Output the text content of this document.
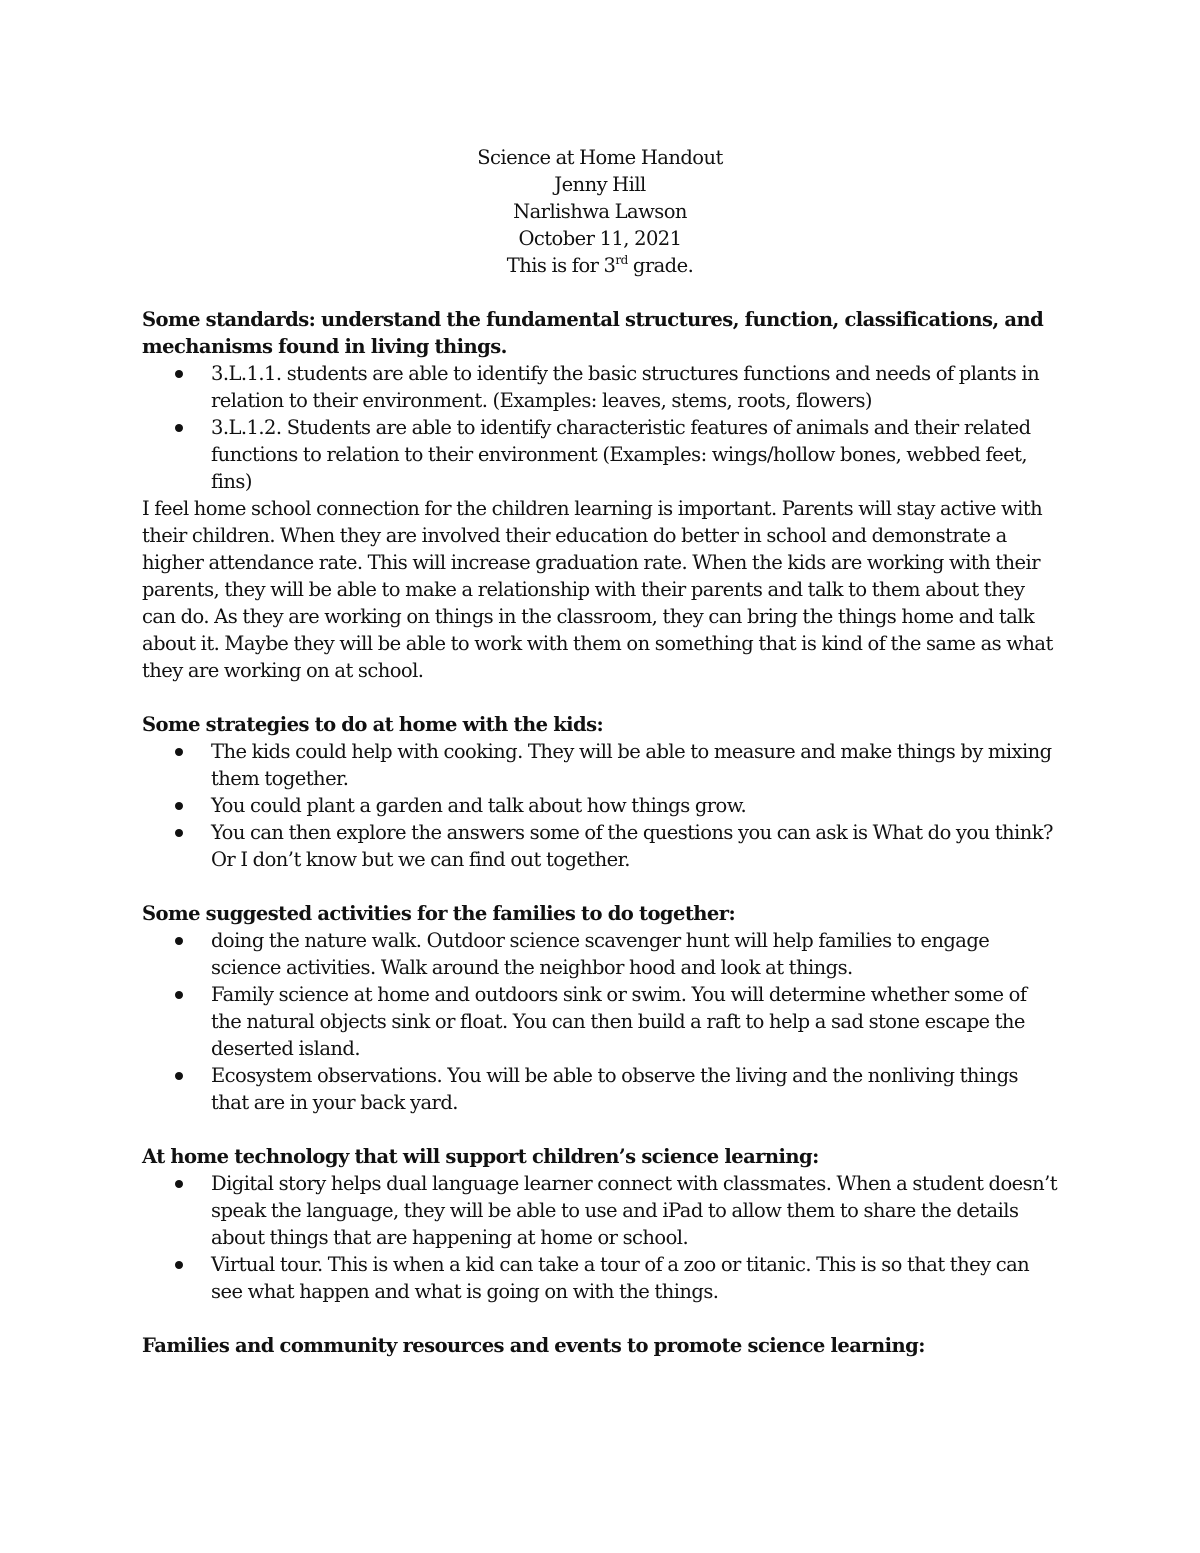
Science at Home Handout
Jenny Hill
Narlishwa Lawson
October 11, 2021
This is for 3rd grade.

Some standards: understand the fundamental structures, function, classifications, and mechanisms found in living things.

3.L.1.1. students are able to identify the basic structures functions and needs of plants in relation to their environment. (Examples: leaves, stems, roots, flowers)
3.L.1.2. Students are able to identify characteristic features of animals and their related functions to relation to their environment (Examples: wings/hollow bones, webbed feet, fins)

I feel home school connection for the children learning is important. Parents will stay active with their children. When they are involved their education do better in school and demonstrate a higher attendance rate. This will increase graduation rate. When the kids are working with their parents, they will be able to make a relationship with their parents and talk to them about they can do. As they are working on things in the classroom, they can bring the things home and talk about it. Maybe they will be able to work with them on something that is kind of the same as what they are working on at school.

Some strategies to do at home with the kids:

The kids could help with cooking. They will be able to measure and make things by mixing them together.
You could plant a garden and talk about how things grow.
You can then explore the answers some of the questions you can ask is What do you think? Or I don’t know but we can find out together.

Some suggested activities for the families to do together:

doing the nature walk. Outdoor science scavenger hunt will help families to engage science activities. Walk around the neighbor hood and look at things.
Family science at home and outdoors sink or swim. You will determine whether some of the natural objects sink or float. You can then build a raft to help a sad stone escape the deserted island.
Ecosystem observations. You will be able to observe the living and the nonliving things that are in your back yard.

At home technology that will support children’s science learning:

Digital story helps dual language learner connect with classmates. When a student doesn’t speak the language, they will be able to use and iPad to allow them to share the details about things that are happening at home or school.
Virtual tour. This is when a kid can take a tour of a zoo or titanic. This is so that they can see what happen and what is going on with the things.

Families and community resources and events to promote science learning:
